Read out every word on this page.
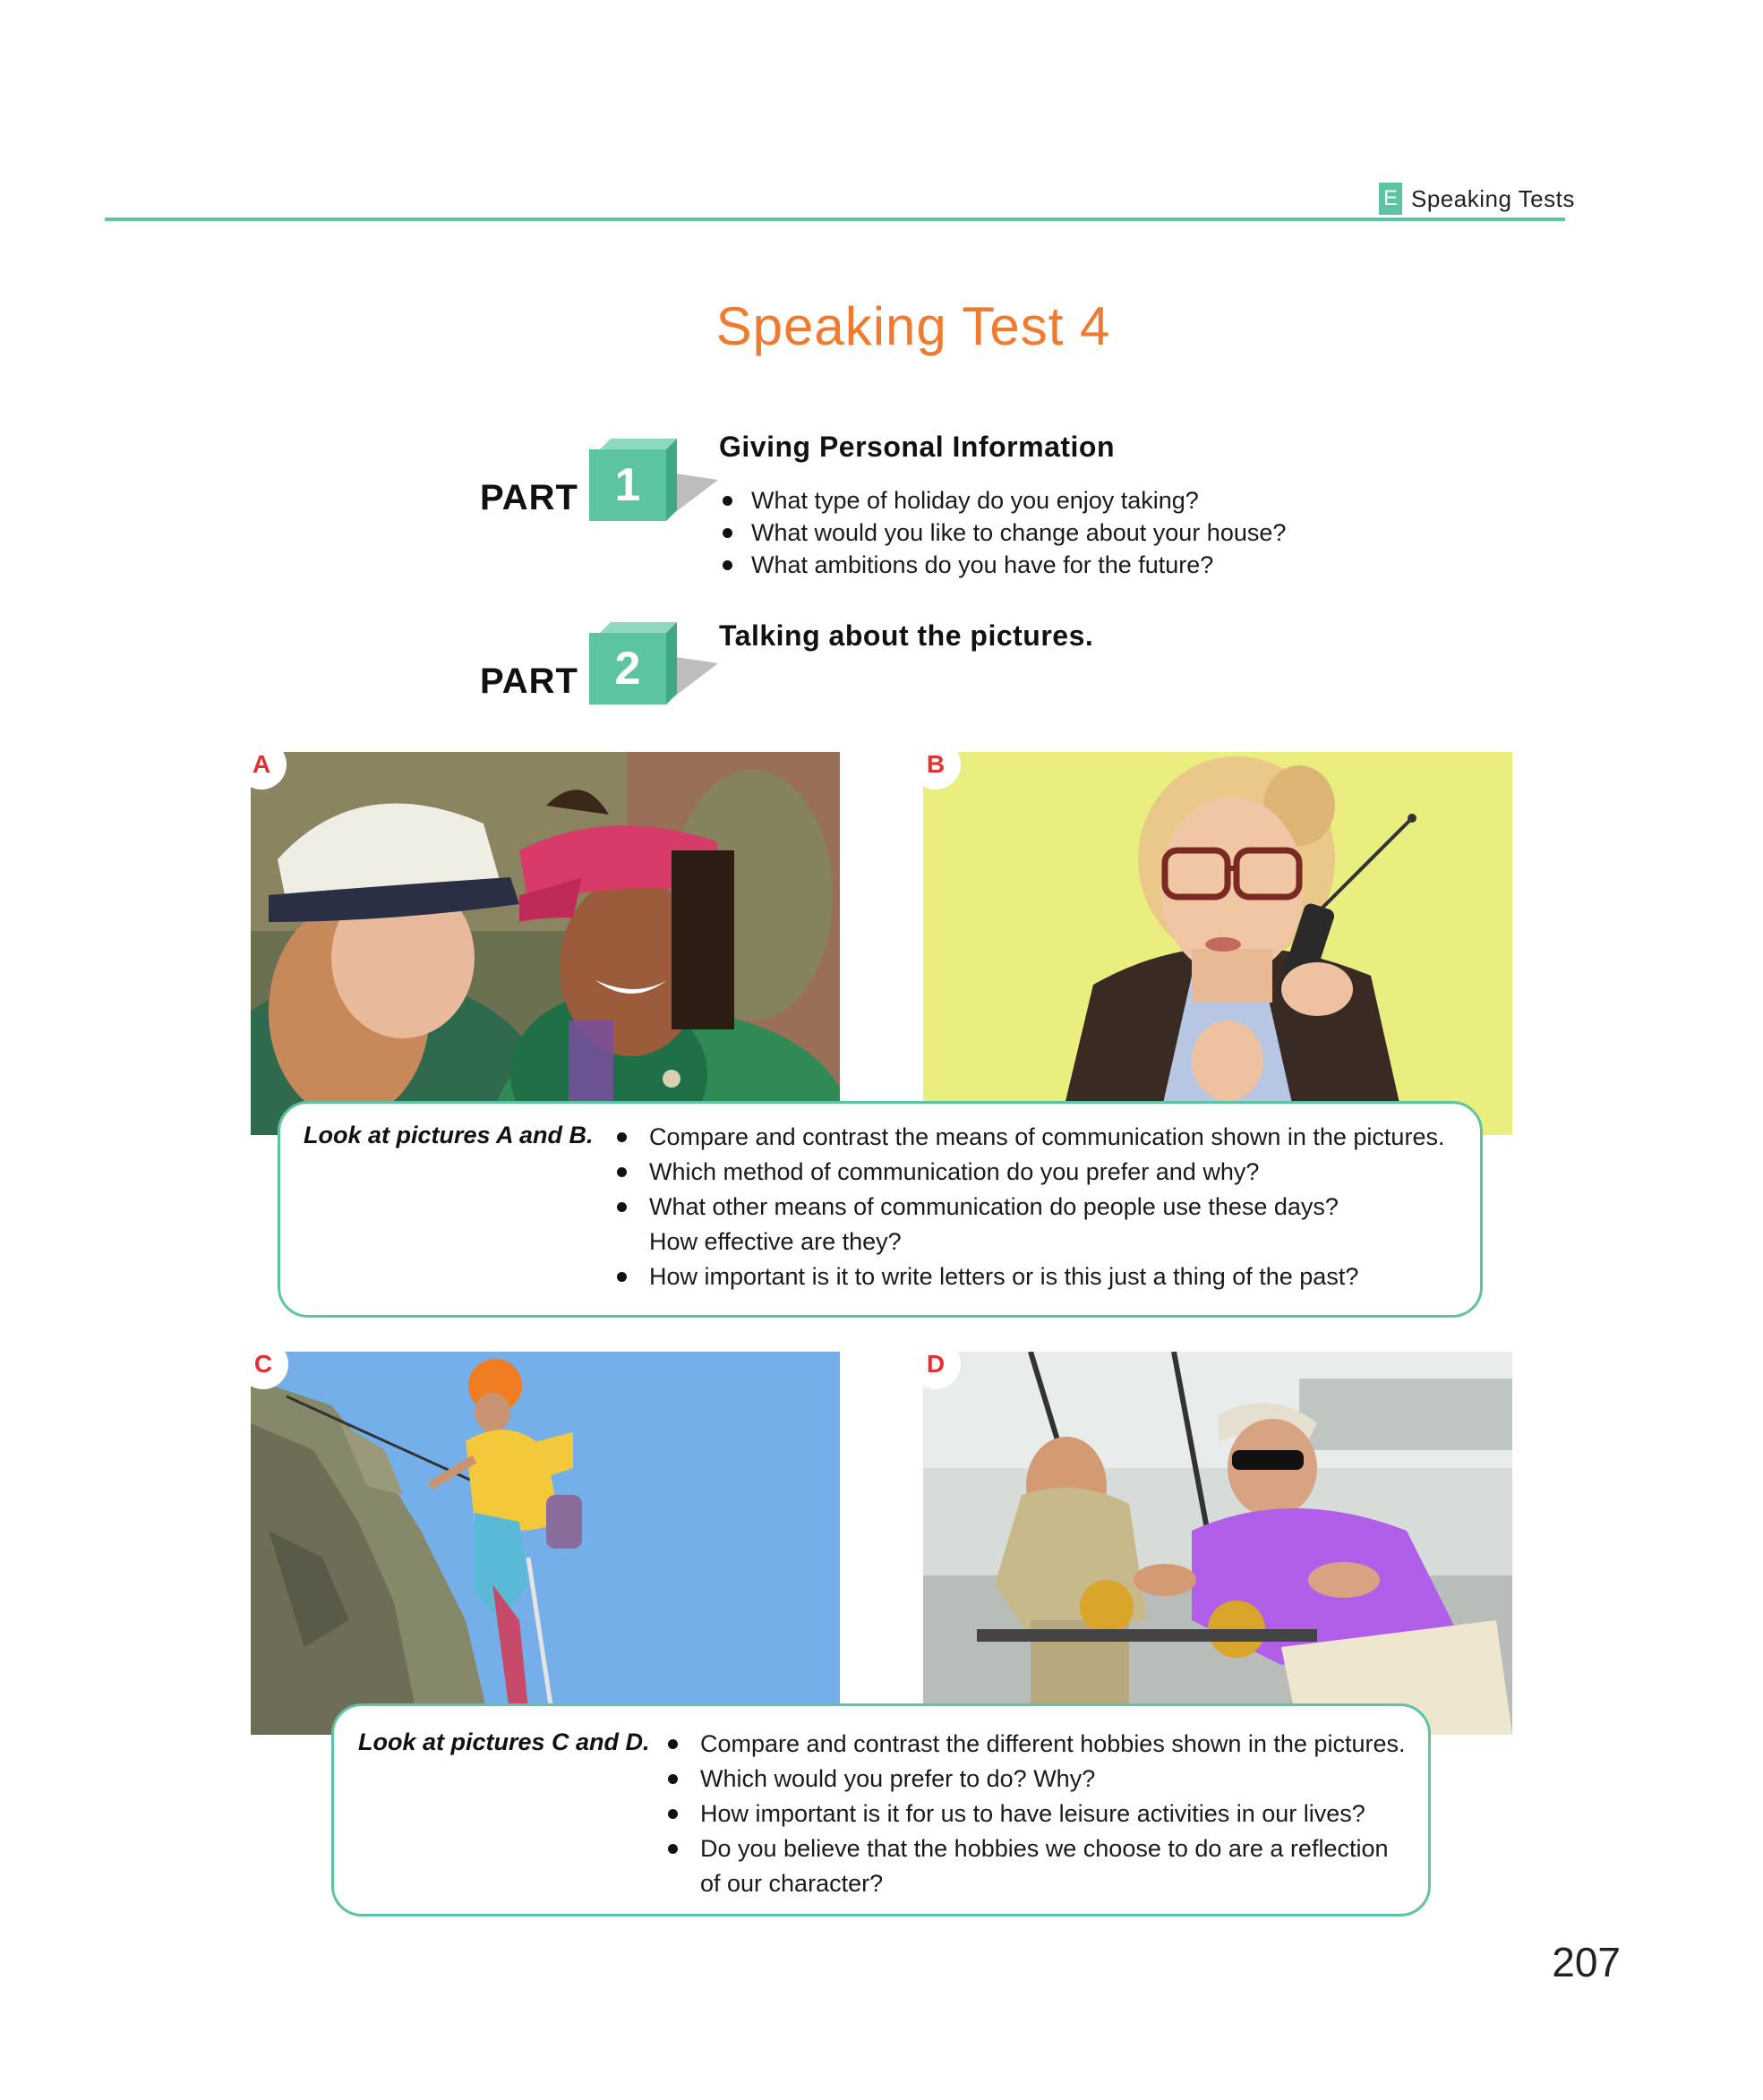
E Speaking Tests
Speaking Test 4
PART 1
Giving Personal Information
What type of holiday do you enjoy taking?
What would you like to change about your house?
What ambitions do you have for the future?
PART 2
Talking about the pictures.
A	B
Look at pictures A and B.	Compare and contrast the means of communication shown in the pictures.
Which method of communication do you prefer and why?
What other means of communication do people use these days?
How effective are they?
How important is it to write letters or is this just a thing of the past?
C	D
Look at pictures C and D.	Compare and contrast the different hobbies shown in the pictures.
Which would you prefer to do? Why?
How important is it for us to have leisure activities in our lives?
Do you believe that the hobbies we choose to do are a reflection
of our character?
207
